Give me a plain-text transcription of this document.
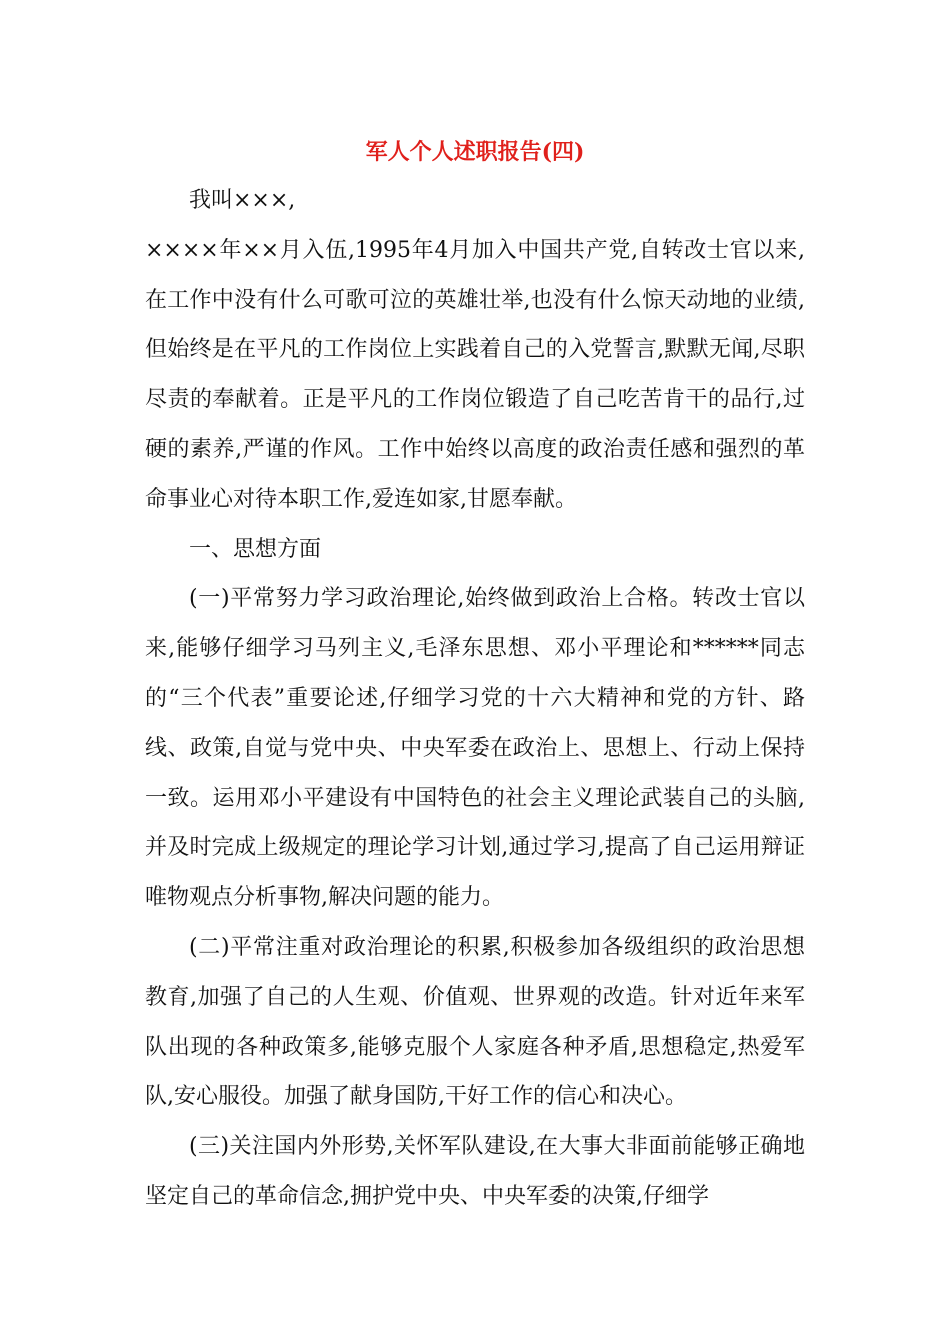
军人个人述职报告(四)

我叫×××,

××××年××月入伍,1995年4月加入中国共产党,自转改士官以来,在工作中没有什么可歌可泣的英雄壮举,也没有什么惊天动地的业绩,但始终是在平凡的工作岗位上实践着自己的入党誓言,默默无闻,尽职尽责的奉献着。正是平凡的工作岗位锻造了自己吃苦肯干的品行,过硬的素养,严谨的作风。工作中始终以高度的政治责任感和强烈的革命事业心对待本职工作,爱连如家,甘愿奉献。

一、思想方面

(一)平常努力学习政治理论,始终做到政治上合格。转改士官以来,能够仔细学习马列主义,毛泽东思想、邓小平理论和******同志的“三个代表”重要论述,仔细学习党的十六大精神和党的方针、路线、政策,自觉与党中央、中央军委在政治上、思想上、行动上保持一致。运用邓小平建设有中国特色的社会主义理论武装自己的头脑,并及时完成上级规定的理论学习计划,通过学习,提高了自己运用辩证唯物观点分析事物,解决问题的能力。

(二)平常注重对政治理论的积累,积极参加各级组织的政治思想教育,加强了自己的人生观、价值观、世界观的改造。针对近年来军队出现的各种政策多,能够克服个人家庭各种矛盾,思想稳定,热爱军队,安心服役。加强了献身国防,干好工作的信心和决心。

(三)关注国内外形势,关怀军队建设,在大事大非面前能够正确地坚定自己的革命信念,拥护党中央、中央军委的决策,仔细学
